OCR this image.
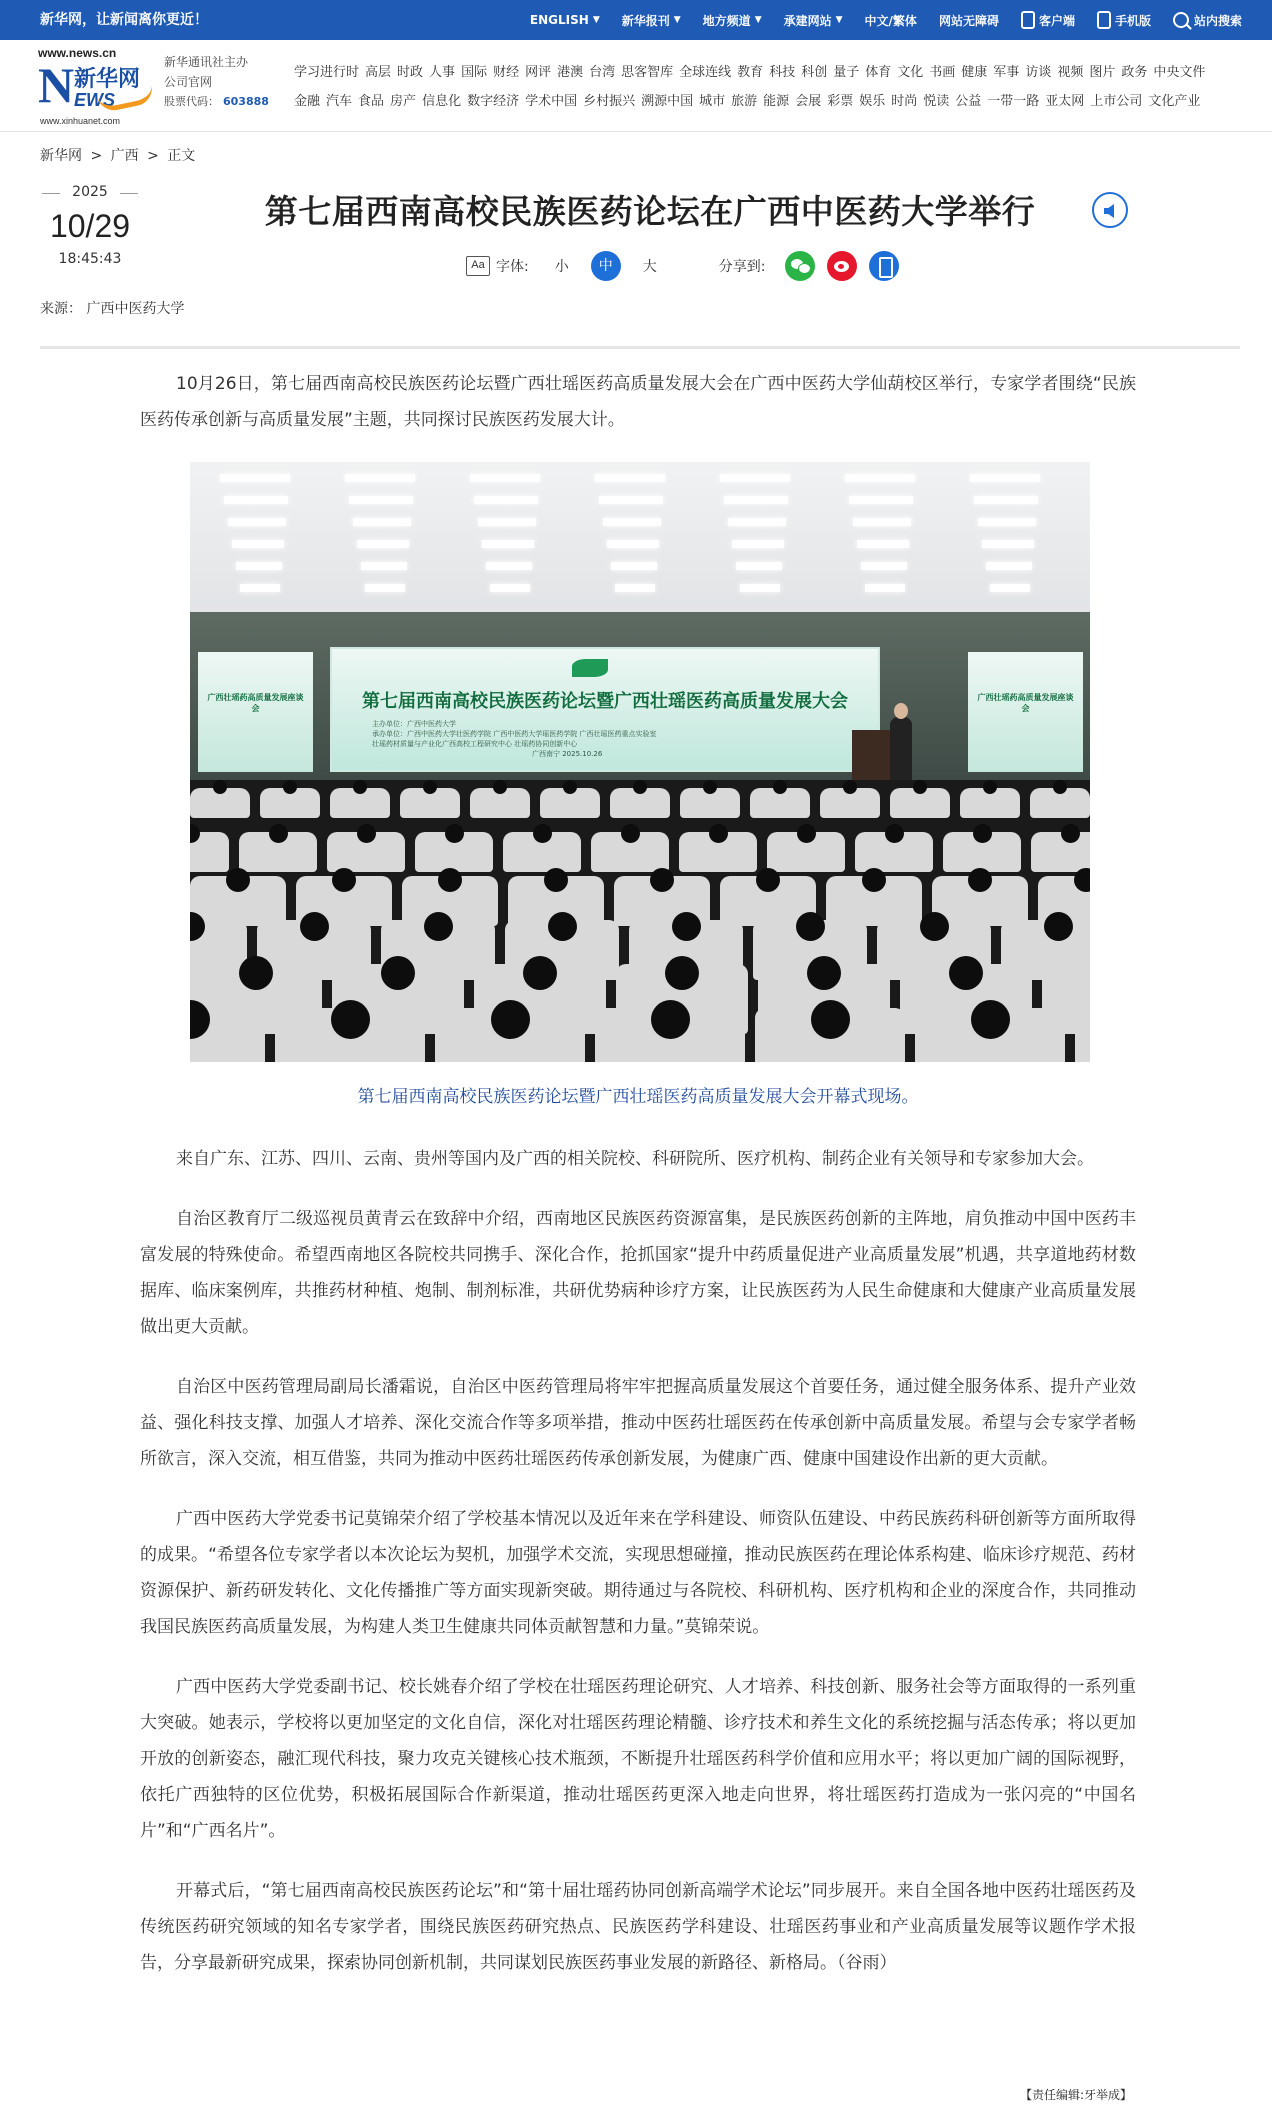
新华网，让新闻离你更近！	ENGLISH ▼ 新华报刊 ▼ 地方频道 ▼ 承建网站 ▼ 中文/繁体 网站无障碍	客户端	手机版	站内搜索
www.news.cn
N 新华网
EWS
www.xinhuanet.com
新华通讯社主办
公司官网
股票代码： 603888
学习进行时 高层 时政 人事 国际 财经 网评 港澳 台湾 思客智库 全球连线 教育 科技 科创 量子 体育 文化 书画 健康 军事 访谈 视频 图片 政务 中央文件
金融 汽车 食品 房产 信息化 数字经济 学术中国 乡村振兴 溯源中国 城市 旅游 能源 会展 彩票 娱乐 时尚 悦读 公益 一带一路 亚太网 上市公司 文化产业
新华网 > 广西 > 正文
2025
10/29
18:45:43
来源： 广西中医药大学
第七届西南高校民族医药论坛在广西中医药大学举行
Aa 字体: 小	中	大	分享到:

10月26日，第七届西南高校民族医药论坛暨广西壮瑶医药高质量发展大会在广西中医药大学仙葫校区举行，专家学者围绕“民族医药传承创新与高质量发展”主题，共同探讨民族医药发展大计。

广西壮瑶药高质量发展座谈会
广西壮瑶药高质量发展座谈会
第七届西南高校民族医药论坛暨广西壮瑶医药高质量发展大会
主办单位：广西中医药大学
承办单位：广西中医药大学壮医药学院 广西中医药大学瑶医药学院 广西壮瑶医药重点实验室
壮瑶药材质量与产业化广西高校工程研究中心 壮瑶药协同创新中心
广西南宁 2025.10.26

第七届西南高校民族医药论坛暨广西壮瑶医药高质量发展大会开幕式现场。

来自广东、江苏、四川、云南、贵州等国内及广西的相关院校、科研院所、医疗机构、制药企业有关领导和专家参加大会。

自治区教育厅二级巡视员黄青云在致辞中介绍，西南地区民族医药资源富集，是民族医药创新的主阵地，肩负推动中国中医药丰富发展的特殊使命。希望西南地区各院校共同携手、深化合作，抢抓国家“提升中药质量促进产业高质量发展”机遇，共享道地药材数据库、临床案例库，共推药材种植、炮制、制剂标准，共研优势病种诊疗方案，让民族医药为人民生命健康和大健康产业高质量发展做出更大贡献。

自治区中医药管理局副局长潘霜说，自治区中医药管理局将牢牢把握高质量发展这个首要任务，通过健全服务体系、提升产业效益、强化科技支撑、加强人才培养、深化交流合作等多项举措，推动中医药壮瑶医药在传承创新中高质量发展。希望与会专家学者畅所欲言，深入交流，相互借鉴，共同为推动中医药壮瑶医药传承创新发展，为健康广西、健康中国建设作出新的更大贡献。

广西中医药大学党委书记莫锦荣介绍了学校基本情况以及近年来在学科建设、师资队伍建设、中药民族药科研创新等方面所取得的成果。“希望各位专家学者以本次论坛为契机，加强学术交流，实现思想碰撞，推动民族医药在理论体系构建、临床诊疗规范、药材资源保护、新药研发转化、文化传播推广等方面实现新突破。期待通过与各院校、科研机构、医疗机构和企业的深度合作，共同推动我国民族医药高质量发展，为构建人类卫生健康共同体贡献智慧和力量。”莫锦荣说。

广西中医药大学党委副书记、校长姚春介绍了学校在壮瑶医药理论研究、人才培养、科技创新、服务社会等方面取得的一系列重大突破。她表示，学校将以更加坚定的文化自信，深化对壮瑶医药理论精髓、诊疗技术和养生文化的系统挖掘与活态传承；将以更加开放的创新姿态，融汇现代科技，聚力攻克关键核心技术瓶颈，不断提升壮瑶医药科学价值和应用水平；将以更加广阔的国际视野，依托广西独特的区位优势，积极拓展国际合作新渠道，推动壮瑶医药更深入地走向世界，将壮瑶医药打造成为一张闪亮的“中国名片”和“广西名片”。

开幕式后，“第七届西南高校民族医药论坛”和“第十届壮瑶药协同创新高端学术论坛”同步展开。来自全国各地中医药壮瑶医药及传统医药研究领域的知名专家学者，围绕民族医药研究热点、民族医药学科建设、壮瑶医药事业和产业高质量发展等议题作学术报告，分享最新研究成果，探索协同创新机制，共同谋划民族医药事业发展的新路径、新格局。（谷雨）

【责任编辑:牙举成】
